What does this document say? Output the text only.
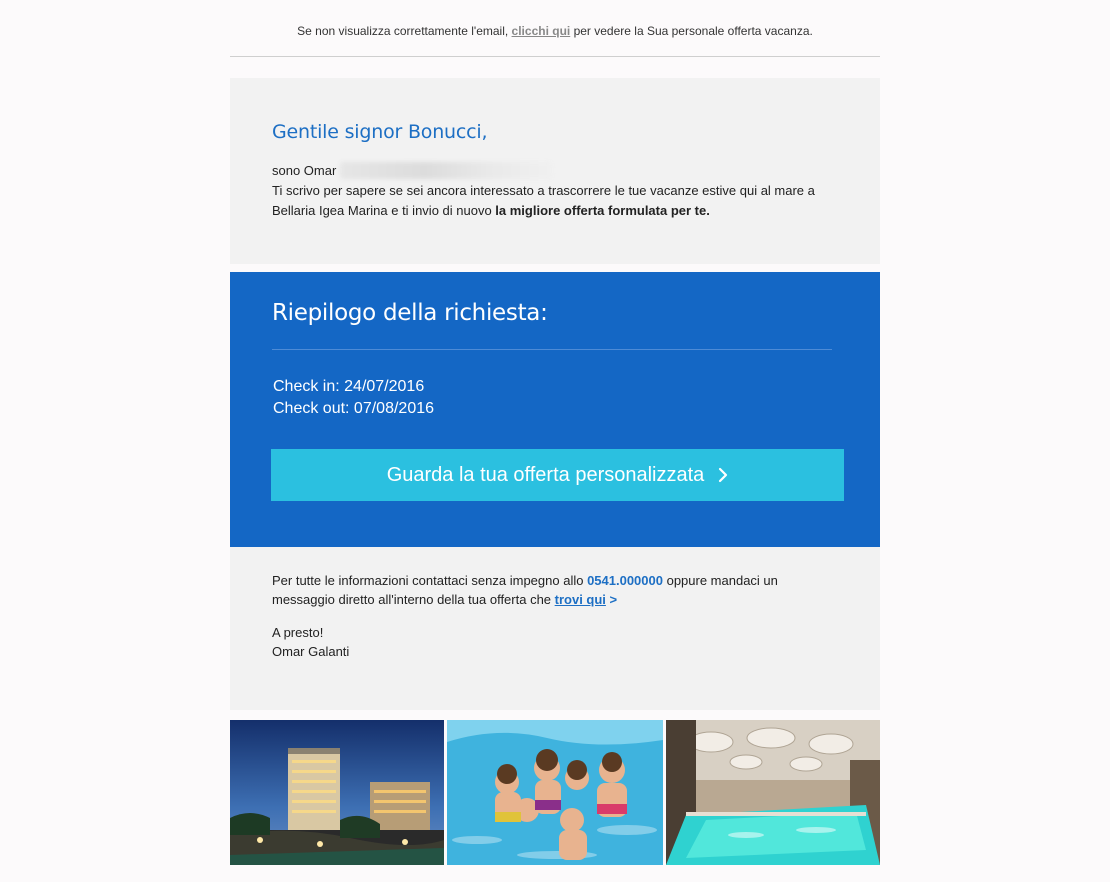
Se non visualizza correttamente l'email, clicchi qui per vedere la Sua personale offerta vacanza.
Gentile signor Bonucci,
sono Omar
Ti scrivo per sapere se sei ancora interessato a trascorrere le tue vacanze estive qui al mare a Bellaria Igea Marina e ti invio di nuovo la migliore offerta formulata per te.
Riepilogo della richiesta:
Check in: 24/07/2016
Check out: 07/08/2016
Guarda la tua offerta personalizzata
Per tutte le informazioni contattaci senza impegno allo 0541.000000 oppure mandaci un messaggio diretto all'interno della tua offerta che trovi qui >
A presto!
Omar Galanti
